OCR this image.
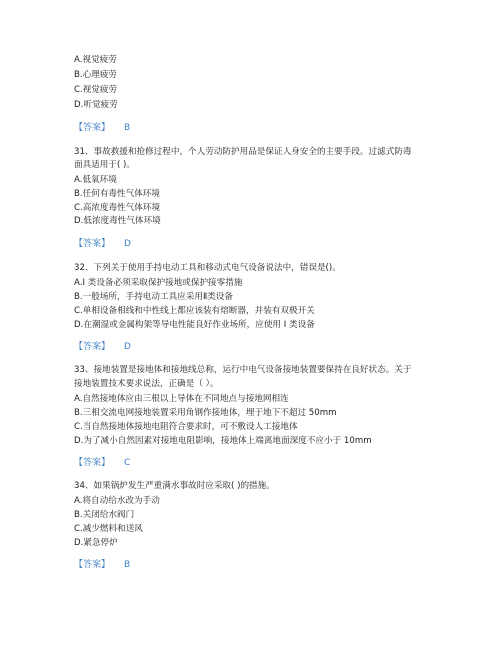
A.视觉疲劳
B.心理疲劳
C.视觉疲劳
D.听觉疲劳
【答案】 B
31、事故救援和抢修过程中，个人劳动防护用品是保证人身安全的主要手段。过滤式防毒
面具适用于( )。
A.低氧环境
B.任何有毒性气体环境
C.高浓度毒性气体环境
D.低浓度毒性气体环境
【答案】 D
32、下列关于使用手持电动工具和移动式电气设备说法中，错误是()。
A.I 类设备必须采取保护接地或保护接零措施
B.一般场所，手持电动工具应采用Ⅱ类设备
C.单相设备相线和中性线上都应该装有熔断器，并装有双极开关
D.在潮湿或金属构架等导电性能良好作业场所，应使用 I 类设备
【答案】 D
33、接地装置是接地体和接地线总称，运行中电气设备接地装置要保持在良好状态。关于
接地装置技术要求说法，正确是（ ）。
A.自然接地体应由三根以上导体在不同地点与接地网相连
B.三相交流电网接地装置采用角钢作接地体，埋于地下不超过 50mm
C.当自然接地体接地电阻符合要求时，可不敷设人工接地体
D.为了减小自然因素对接地电阻影响，接地体上端离地面深度不应小于 10mm
【答案】 C
34、如果锅炉发生严重满水事故时应采取( )的措施。
A.将自动给水改为手动
B.关闭给水阀门
C.减少燃料和送风
D.紧急停炉
【答案】 B
